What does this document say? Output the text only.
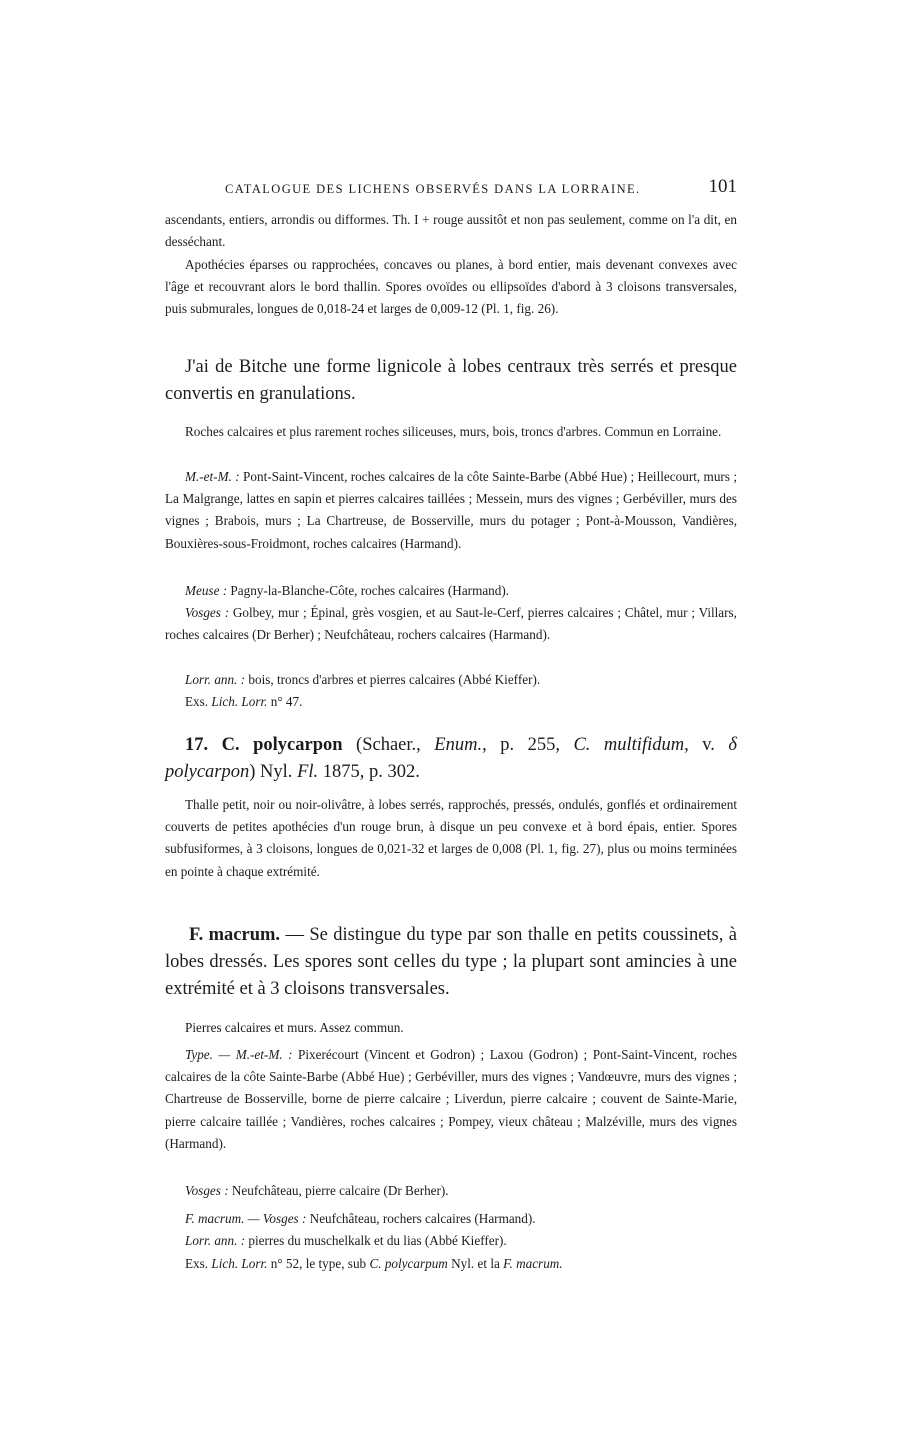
CATALOGUE DES LICHENS OBSERVÉS DANS LA LORRAINE.	101
ascendants, entiers, arrondis ou difformes. Th. I + rouge aussitôt et non pas seulement, comme on l'a dit, en desséchant.
Apothécies éparses ou rapprochées, concaves ou planes, à bord entier, mais devenant convexes avec l'âge et recouvrant alors le bord thallin. Spores ovoïdes ou ellipsoïdes d'abord à 3 cloisons transversales, puis submurales, longues de 0,018-24 et larges de 0,009-12 (Pl. 1, fig. 26).
J'ai de Bitche une forme lignicole à lobes centraux très serrés et presque convertis en granulations.
Roches calcaires et plus rarement roches siliceuses, murs, bois, troncs d'arbres. Commun en Lorraine.
M.-et-M. : Pont-Saint-Vincent, roches calcaires de la côte Sainte-Barbe (Abbé Hue) ; Heillecourt, murs ; La Malgrange, lattes en sapin et pierres calcaires taillées ; Messein, murs des vignes ; Gerbéviller, murs des vignes ; Brabois, murs ; La Chartreuse, de Bosserville, murs du potager ; Pont-à-Mousson, Vandières, Bouxières-sous-Froidmont, roches calcaires (Harmand).
Meuse : Pagny-la-Blanche-Côte, roches calcaires (Harmand).
Vosges : Golbey, mur ; Épinal, grès vosgien, et au Saut-le-Cerf, pierres calcaires ; Châtel, mur ; Villars, roches calcaires (Dr Berher) ; Neufchâteau, rochers calcaires (Harmand).
Lorr. ann. : bois, troncs d'arbres et pierres calcaires (Abbé Kieffer).
Exs. Lich. Lorr. n° 47.
17. C. polycarpon (Schaer., Enum., p. 255, C. multifidum, v. δ polycarpon) Nyl. Fl. 1875, p. 302.
Thalle petit, noir ou noir-olivâtre, à lobes serrés, rapprochés, pressés, ondulés, gonflés et ordinairement couverts de petites apothécies d'un rouge brun, à disque un peu convexe et à bord épais, entier. Spores subfusiformes, à 3 cloisons, longues de 0,021-32 et larges de 0,008 (Pl. 1, fig. 27), plus ou moins terminées en pointe à chaque extrémité.
F. macrum. — Se distingue du type par son thalle en petits coussinets, à lobes dressés. Les spores sont celles du type ; la plupart sont amincies à une extrémité et à 3 cloisons transversales.
Pierres calcaires et murs. Assez commun.
Type. — M.-et-M. : Pixerécourt (Vincent et Godron) ; Laxou (Godron) ; Pont-Saint-Vincent, roches calcaires de la côte Sainte-Barbe (Abbé Hue) ; Gerbéviller, murs des vignes ; Vandœuvre, murs des vignes ; Chartreuse de Bosserville, borne de pierre calcaire ; Liverdun, pierre calcaire ; couvent de Sainte-Marie, pierre calcaire taillée ; Vandières, roches calcaires ; Pompey, vieux château ; Malzéville, murs des vignes (Harmand).
Vosges : Neufchâteau, pierre calcaire (Dr Berher).
F. macrum. — Vosges : Neufchâteau, rochers calcaires (Harmand).
Lorr. ann. : pierres du muschelkalk et du lias (Abbé Kieffer).
Exs. Lich. Lorr. n° 52, le type, sub C. polycarpum Nyl. et la F. macrum.
